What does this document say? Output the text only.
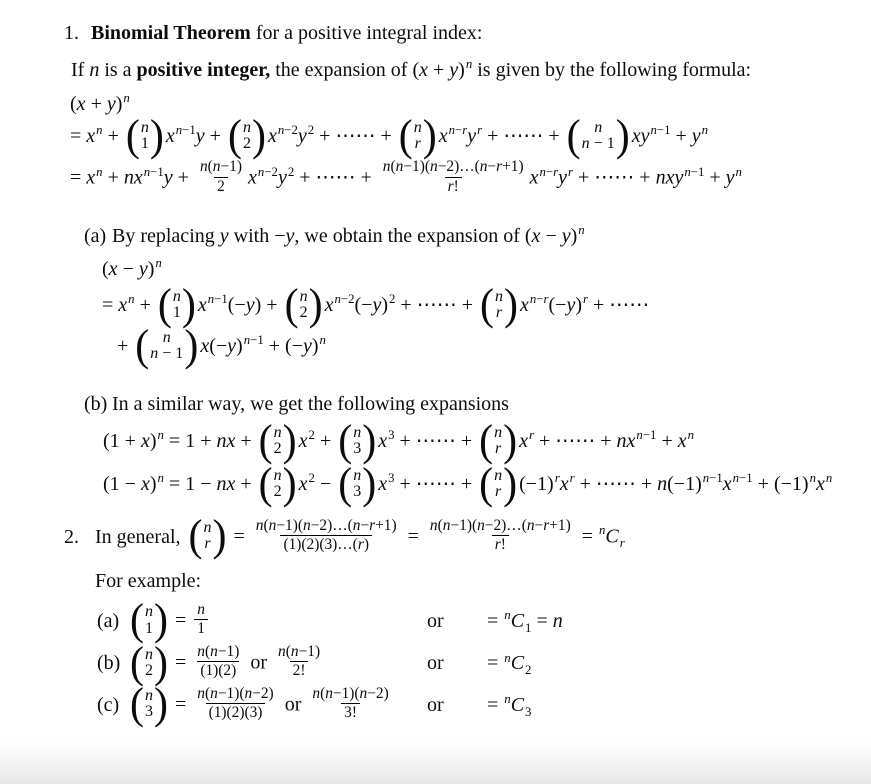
1. Binomial Theorem for a positive integral index:
If n is a positive integer, the expansion of $(x + y)^n$ is given by the following formula:
$(x + y)^n$
= $x^n$ + ( n
1 ) $x^{n-1}y$ + ( n
2 ) $x^{n-2}y^2$ + ⋯⋯ + ( n
r ) $x^{n-r}y^r$ + ⋯⋯ + ( n
n − 1 ) $xy^{n-1} + y^n$
= $x^n + nx^{n-1}y + \frac{n(n-1)}{2} x^{n-2}y^2$ + ⋯⋯ + $\frac{n(n-1)(n-2)\dots(n-r+1)}{r!} x^{n-r}y^r$ + ⋯⋯ + $nxy^{n-1} + y^n$
(a) By replacing y with −y, we obtain the expansion of $(x - y)^n$
$(x - y)^n$
= $x^n$ + ( n
1 ) $x^{n-1}(-y)$ + ( n
2 ) $x^{n-2}(-y)^2$ + ⋯⋯ + ( n
r ) $x^{n-r}(-y)^r$ + ⋯⋯
+ ( n
n − 1 ) $x(-y)^{n-1} + (-y)^n$
(b) In a similar way, we get the following expansions
$(1 + x)^n = 1$ + nx + ( n
2 ) $x^2$ + ( n
3 ) $x^3$ + ⋯⋯ + ( n
r ) $x^r$ + ⋯⋯ + $nx^{n-1} + x^n$
$(1 - x)^n = 1$ − nx + ( n
2 ) $x^2$ − ( n
3 ) $x^3$ + ⋯⋯ + ( n
r ) $(-1)^rx^r$ + ⋯⋯ + $n(-1)^{n-1}x^{n-1} + (-1)^nx^n$
2. In general, ( n
r ) = $\frac{n(n-1)(n-2)\dots(n-r+1)}{(1)(2)(3)\dots(r)} = \frac{n(n-1)(n-2)\dots(n-r+1)}{r!} = ^nC_r$
For example:
(a) ( n
1 ) = $\frac{n}{1}$	or	= $^nC_1 = n$
(b) ( n
2 ) = $\frac{n(n-1)}{(1)(2)}$ or $\frac{n(n-1)}{2!}$	or	= $^nC_2$
(c) ( n
3 ) = $\frac{n(n-1)(n-2)}{(1)(2)(3)}$ or $\frac{n(n-1)(n-2)}{3!}$ or	= $^nC_3$
